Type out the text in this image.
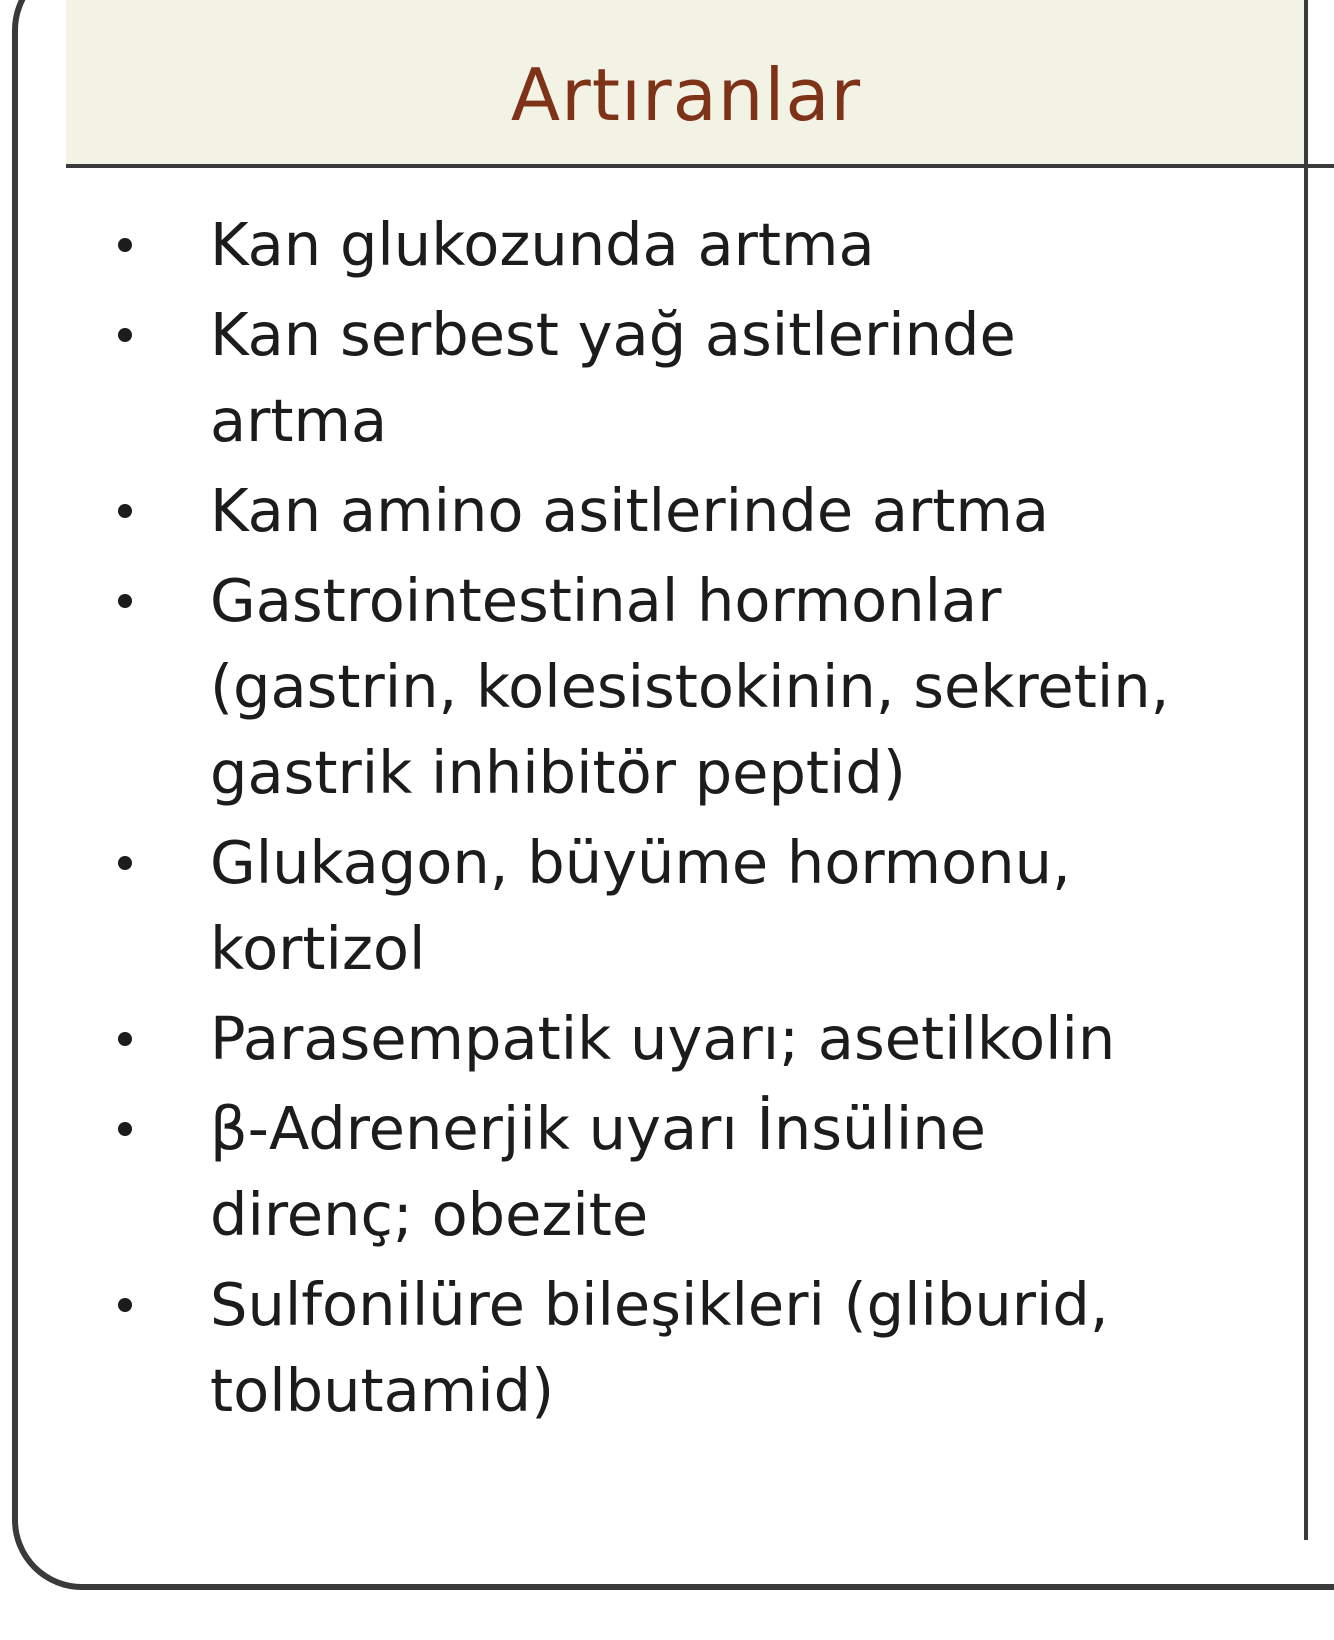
Artıranlar
Kan glukozunda artma
Kan serbest yağ asitlerinde
artma
Kan amino asitlerinde artma
Gastrointestinal hormonlar
(gastrin, kolesistokinin, sekretin,
gastrik inhibitör peptid)
Glukagon, büyüme hormonu,
kortizol
Parasempatik uyarı; asetilkolin
β-Adrenerjik uyarı İnsüline
direnç; obezite
Sulfonilüre bileşikleri (gliburid,
tolbutamid)
